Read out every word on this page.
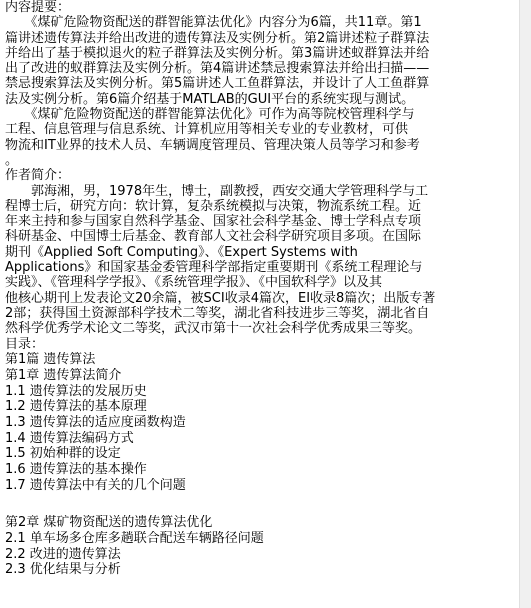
内容提要：
　　《煤矿危险物资配送的群智能算法优化》内容分为6篇，共11章。第1
篇讲述遗传算法并给出改进的遗传算法及实例分析。第2篇讲述粒子群算法
并给出了基于模拟退火的粒子群算法及实例分析。第3篇讲述蚁群算法并给
出了改进的蚁群算法及实例分析。第4篇讲述禁忌搜索算法并给出扫描——
禁忌搜索算法及实例分析。第5篇讲述人工鱼群算法，并设计了人工鱼群算
法及实例分析。第6篇介绍基于MATLAB的GUI平台的系统实现与测试。
　　《煤矿危险物资配送的群智能算法优化》可作为高等院校管理科学与
工程、信息管理与信息系统、计算机应用等相关专业的专业教材，可供
物流和IT业界的技术人员、车辆调度管理员、管理决策人员等学习和参考
。
作者简介：
　　郭海湘，男，1978年生，博士，副教授，西安交通大学管理科学与工
程博士后，研究方向：软计算，复杂系统模拟与决策，物流系统工程。近
年来主持和参与国家自然科学基金、国家社会科学基金、博士学科点专项
科研基金、中国博士后基金、教育部人文社会科学研究项目多项。在国际
期刊《Applied Soft Computing》、《Expert Systems with
Applications》和国家基金委管理科学部指定重要期刊《系统工程理论与
实践》、《管理科学学报》、《系统管理学报》、《中国软科学》以及其
他核心期刊上发表论文20余篇，被SCI收录4篇次，EI收录8篇次；出版专著
2部；获得国土资源部科学技术二等奖，湖北省科技进步三等奖，湖北省自
然科学优秀学术论文二等奖，武汉市第十一次社会科学优秀成果三等奖。
目录：
第1篇 遗传算法
第1章 遗传算法简介
1.1 遗传算法的发展历史
1.2 遗传算法的基本原理
1.3 遗传算法的适应度函数构造
1.4 遗传算法编码方式
1.5 初始种群的设定
1.6 遗传算法的基本操作
1.7 遗传算法中有关的几个问题
第2章 煤矿物资配送的遗传算法优化
2.1 单车场多仓库多趟联合配送车辆路径问题
2.2 改进的遗传算法
2.3 优化结果与分析
